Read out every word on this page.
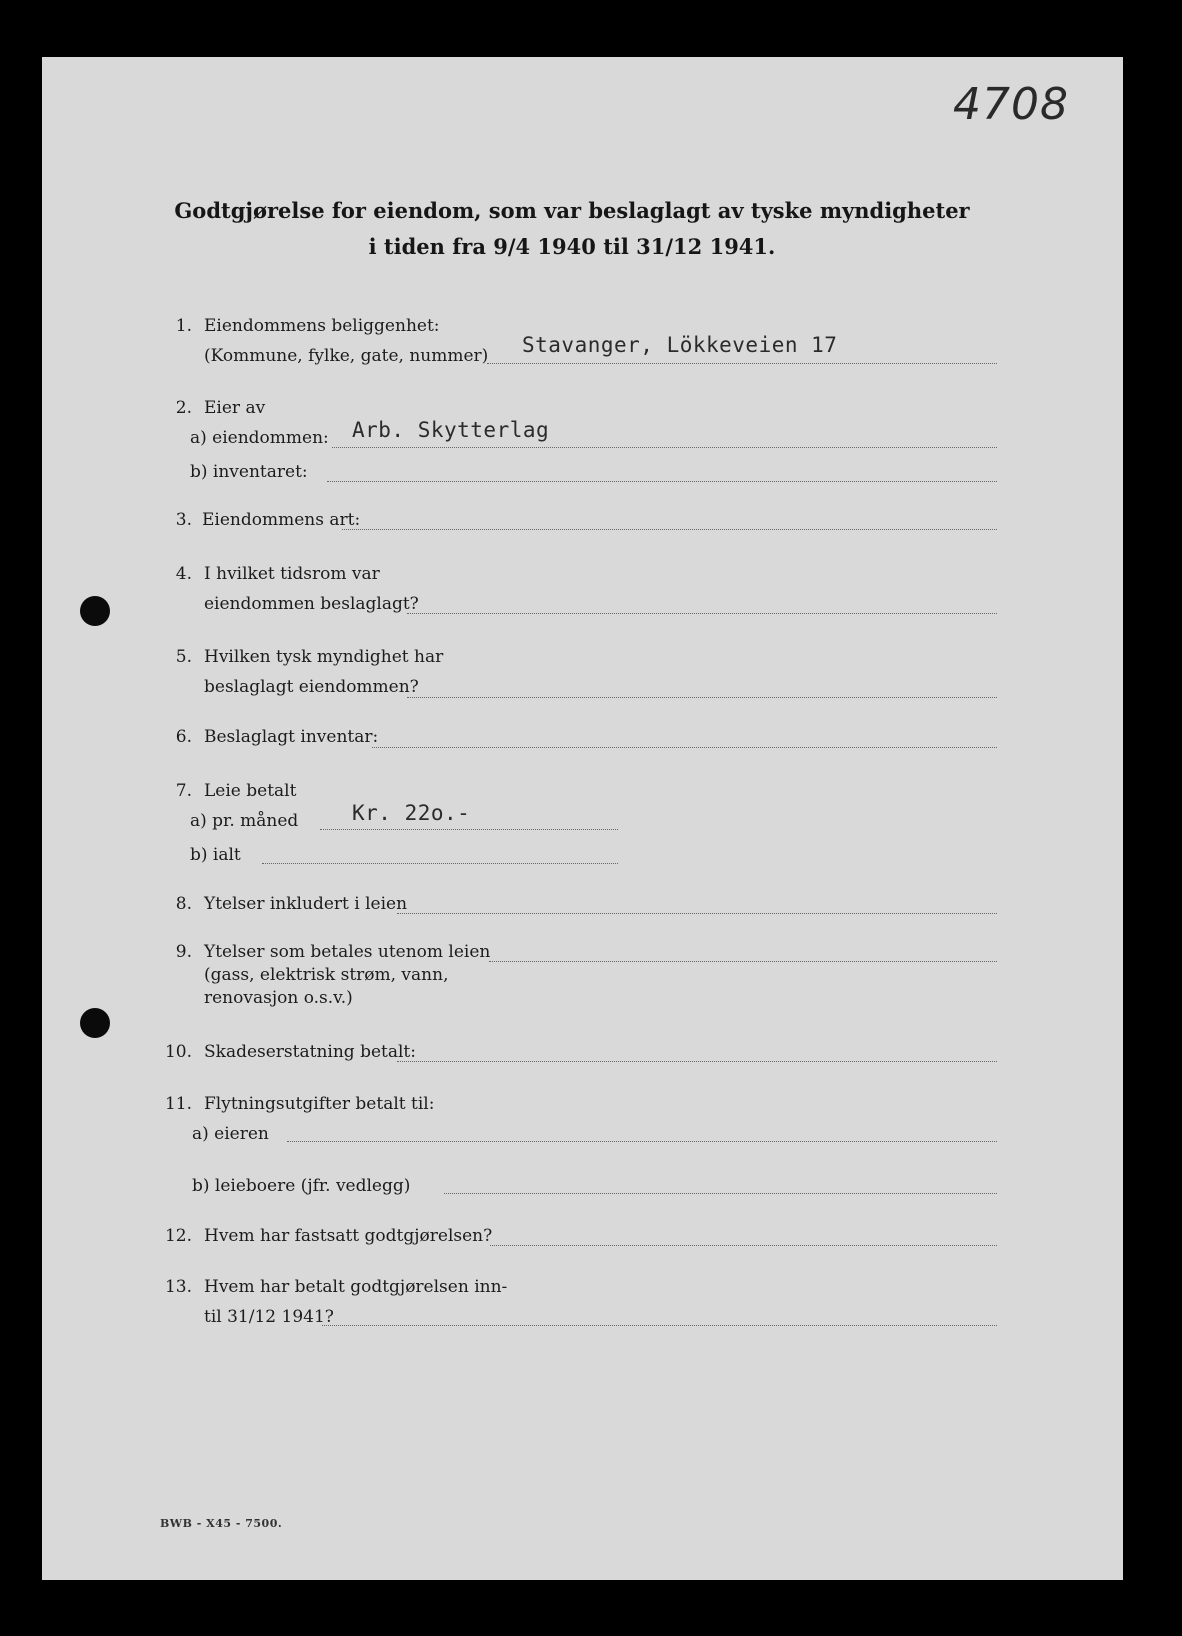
4708
Godtgjørelse for eiendom, som var beslaglagt av tyske myndigheter
i tiden fra 9/4 1940 til 31/12 1941.
1. Eiendommens beliggenhet:
(Kommune, fylke, gate, nummer) Stavanger, Lökkeveien 17
2. Eier av
a) eiendommen:
b) inventaret:
Arb. Skytterlag
3. Eiendommens art:
4. I hvilket tidsrom var
eiendommen beslaglagt?
5. Hvilken tysk myndighet har
beslaglagt eiendommen?
6. Beslaglagt inventar:
7. Leie betalt
a) pr. måned
b) ialt
Kr. 22o.-
8. Ytelser inkludert i leien
9. Ytelser som betales utenom leien
(gass, elektrisk strøm, vann,
renovasjon o.s.v.)
10. Skadeserstatning betalt:
11. Flytningsutgifter betalt til:
a) eieren
b) leieboere (jfr. vedlegg)
12. Hvem har fastsatt godtgjørelsen?
13. Hvem har betalt godtgjørelsen inn-
til 31/12 1941?
BWB - X45 - 7500.
